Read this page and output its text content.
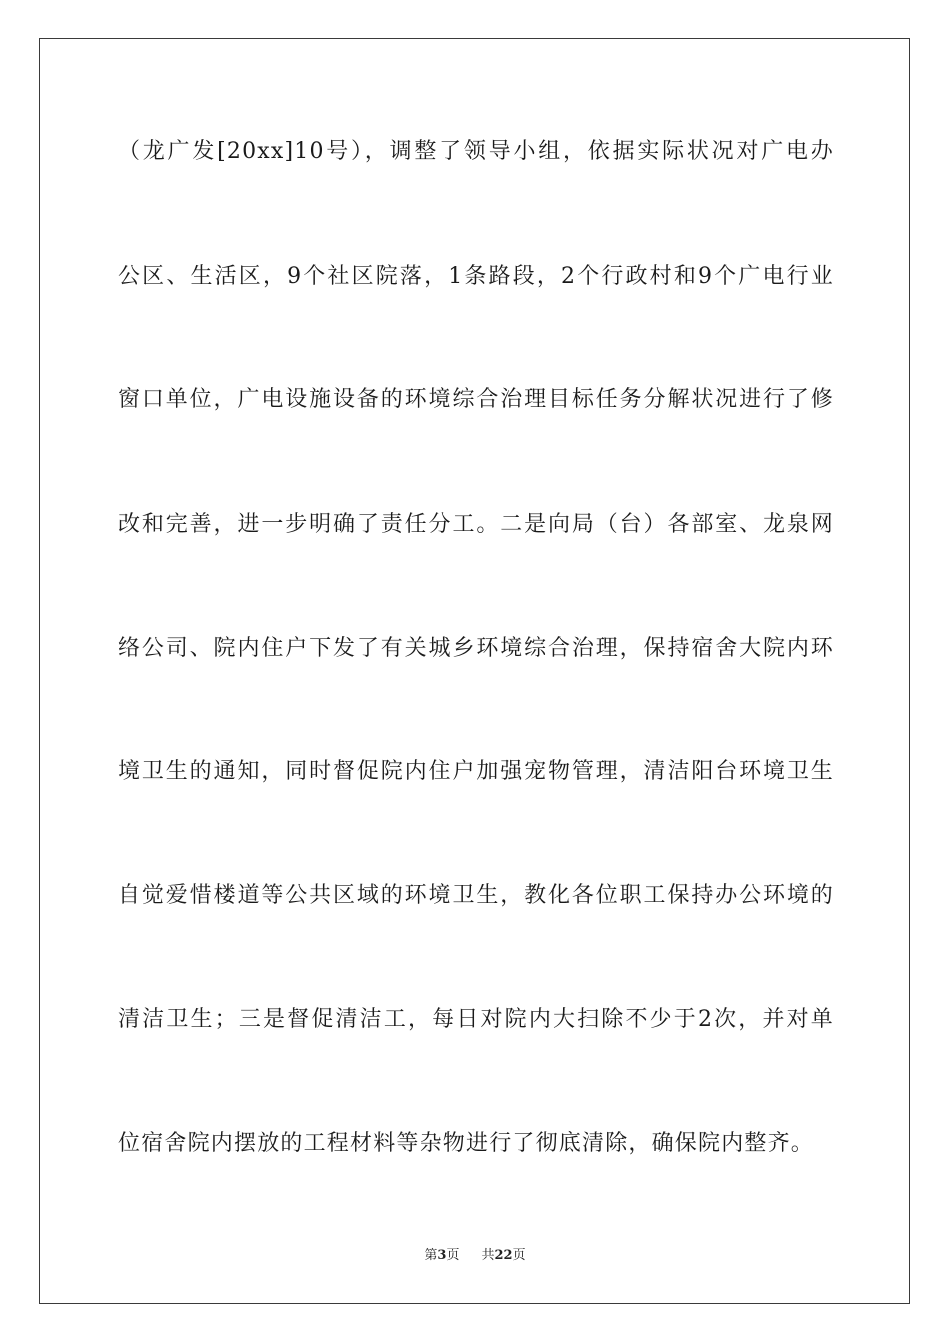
（龙广发[20xx]10号），调整了领导小组，依据实际状况对广电办
公区、生活区，9个社区院落，1条路段，2个行政村和9个广电行业
窗口单位，广电设施设备的环境综合治理目标任务分解状况进行了修
改和完善，进一步明确了责任分工。二是向局（台）各部室、龙泉网
络公司、院内住户下发了有关城乡环境综合治理，保持宿舍大院内环
境卫生的通知，同时督促院内住户加强宠物管理，清洁阳台环境卫生
自觉爱惜楼道等公共区域的环境卫生，教化各位职工保持办公环境的
清洁卫生；三是督促清洁工，每日对院内大扫除不少于2次，并对单
位宿舍院内摆放的工程材料等杂物进行了彻底清除，确保院内整齐。
第3页 共22页
